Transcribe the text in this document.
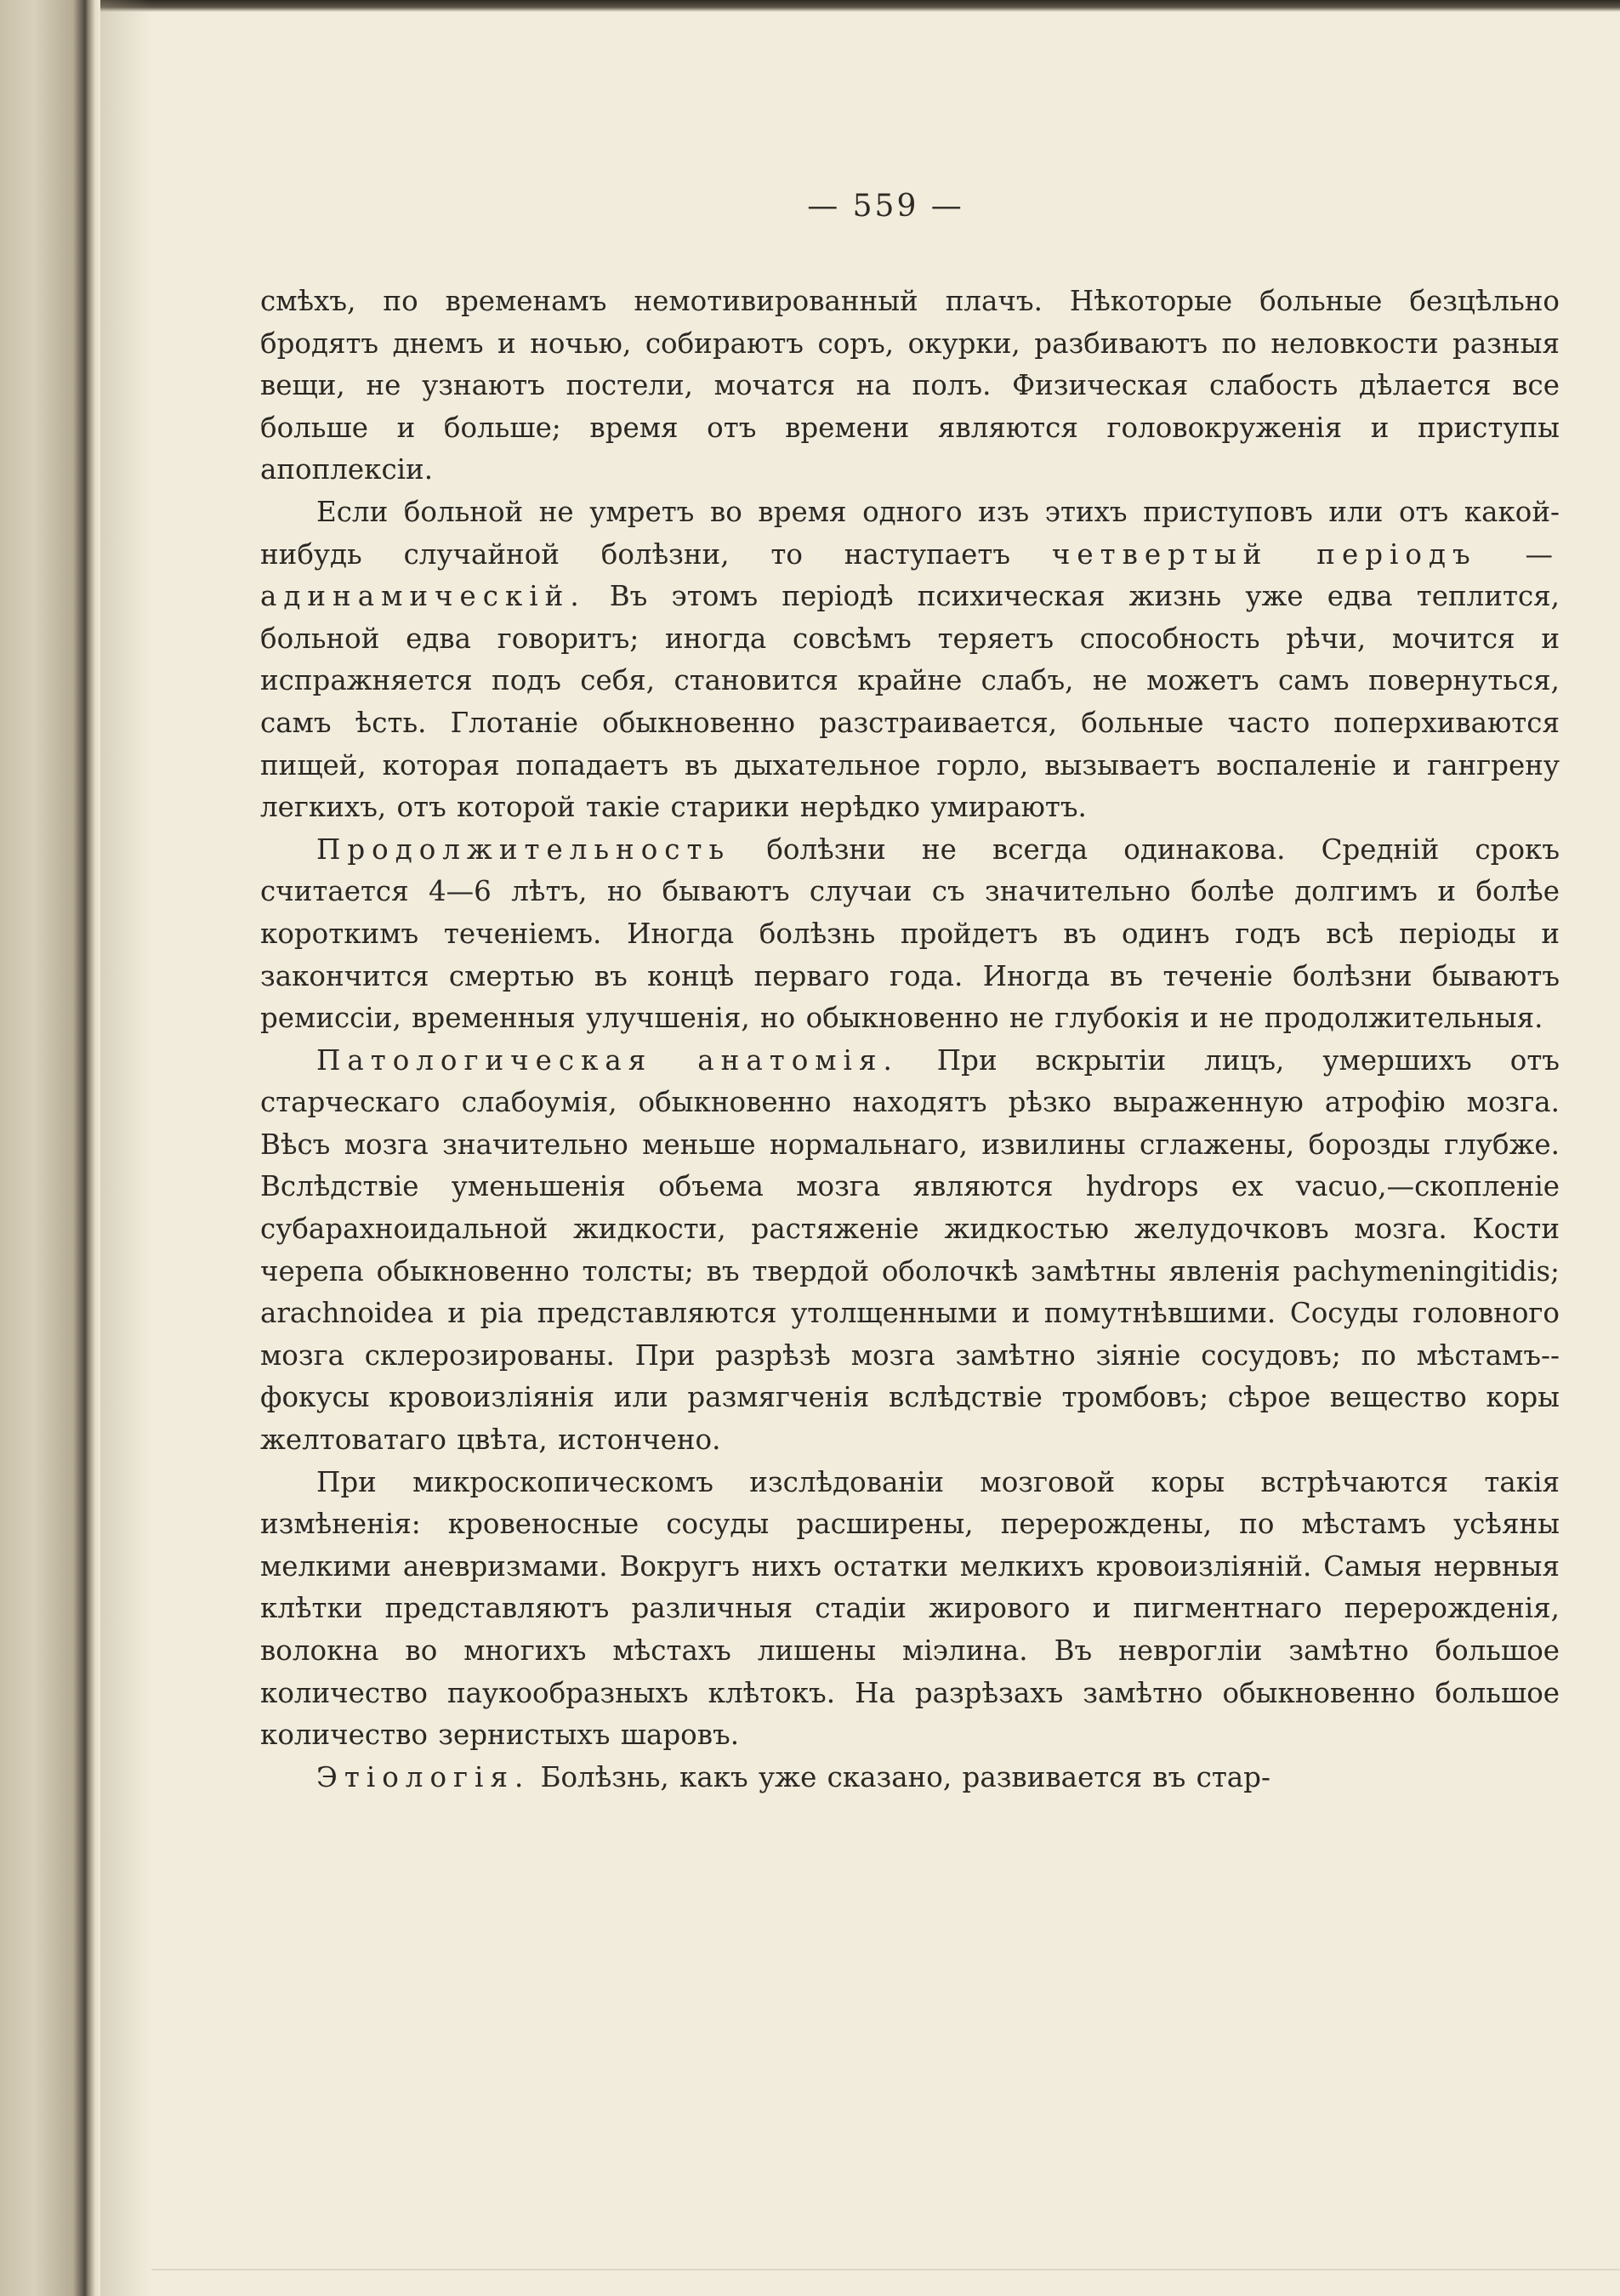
— 559 —

смѣхъ, по временамъ немотивированный плачъ. Нѣкоторые больные безцѣльно бродятъ днемъ и ночью, собираютъ соръ, окурки, разбиваютъ по неловкости разныя вещи, не узнаютъ постели, мочатся на полъ. Физическая слабость дѣлается все больше и больше; время отъ времени являются головокруженія и приступы апоплексіи.

Если больной не умретъ во время одного изъ этихъ приступовъ или отъ какой-нибудь случайной болѣзни, то наступаетъ четвертый періодъ — адинамическій. Въ этомъ періодѣ психическая жизнь уже едва теплится, больной едва говоритъ; иногда совсѣмъ теряетъ способность рѣчи, мочится и испражняется подъ себя, становится крайне слабъ, не можетъ самъ повернуться, самъ ѣсть. Глотаніе обыкновенно разстраивается, больные часто поперхиваются пищей, которая попадаетъ въ дыхательное горло, вызываетъ воспаленіе и гангрену легкихъ, отъ которой такіе старики нерѣдко умираютъ.

Продолжительность болѣзни не всегда одинакова. Средній срокъ считается 4—6 лѣтъ, но бываютъ случаи съ значительно болѣе долгимъ и болѣе короткимъ теченіемъ. Иногда болѣзнь пройдетъ въ одинъ годъ всѣ періоды и закончится смертью въ концѣ перваго года. Иногда въ теченіе болѣзни бываютъ ремиссіи, временныя улучшенія, но обыкновенно не глубокія и не продолжительныя.

Патологическая анатомія. При вскрытіи лицъ, умершихъ отъ старческаго слабоумія, обыкновенно находятъ рѣзко выраженную атрофію мозга. Вѣсъ мозга значительно меньше нормальнаго, извилины сглажены, борозды глубже. Вслѣдствіе уменьшенія объема мозга являются hydrops ex vacuo,—скопленіе субарахноидальной жидкости, растяженіе жидкостью желудочковъ мозга. Кости черепа обыкновенно толсты; въ твердой оболочкѣ замѣтны явленія pachymeningitidis; arachnoidea и pia представляются утолщенными и помутнѣвшими. Сосуды головного мозга склерозированы. При разрѣзѣ мозга замѣтно зіяніе сосудовъ; по мѣстамъ--фокусы кровоизліянія или размягченія вслѣдствіе тромбовъ; сѣрое вещество коры желтоватаго цвѣта, истончено.

При микроскопическомъ изслѣдованіи мозговой коры встрѣчаются такія измѣненія: кровеносные сосуды расширены, перерождены, по мѣстамъ усѣяны мелкими аневризмами. Вокругъ нихъ остатки мелкихъ кровоизліяній. Самыя нервныя клѣтки представляютъ различныя стадіи жирового и пигментнаго перерожденія, волокна во многихъ мѣстахъ лишены міэлина. Въ неврогліи замѣтно большое количество паукообразныхъ клѣтокъ. На разрѣзахъ замѣтно обыкновенно большое количество зернистыхъ шаровъ.

Этіологія. Болѣзнь, какъ уже сказано, развивается въ стар-
